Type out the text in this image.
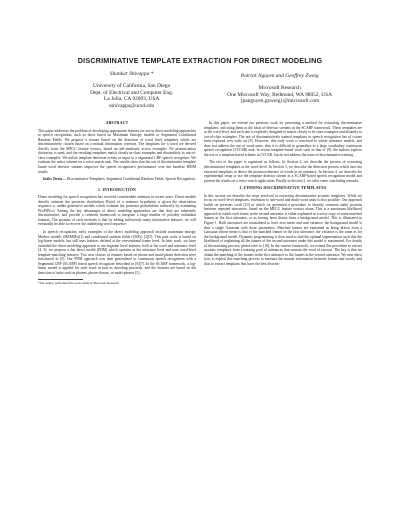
DISCRIMINATIVE TEMPLATE EXTRACTION FOR DIRECT MODELING
Shankar Shivappa *
University of California, San Diego
Dept. of Electrical and Computer Eng.
La Jolla, CA 92093, USA
sshivappa@ucsd.edu
Patrick Nguyen and Geoffrey Zweig
Microsoft Research
One Microsoft Way, Redmond, WA 98052, USA
{panguyen,gzweig}@microsoft.com
ABSTRACT

This paper addresses the problem of developing appropriate features for use in direct modeling approaches to speech recognition, such as those based on Maximum Entropy models or Segmental Conditional Random Fields. We propose a feature based on the detection of word level templates which are discriminatively chosen based on a mutual information criterion. The templates for a word are derived directly from the MFCC feature vectors, based on self-similarity across examples. No pronunciation dictionary is used, and the resulting templates match closely in-class examples and dissimilarly to out-of-class examples. We utilize template detection events as input to a segmental CRF speech recognizer. We evaluate the entire scheme on a voice search task. The results show that the use of discriminative template based word detector streams improves the speech recognizer's performance over the baseline HMM results.

Index Terms— Discriminative Templates, Segmental Conditional Random Fields, Speech Recognition

1. INTRODUCTION

Direct modeling for speech recognition has received considerable attention in recent years. Direct models directly estimate the posterior distribution P(w|o) of a sentence hypothesis w given the observation sequence o, unlike generative models which estimate the posterior probabilities indirectly by estimating P(o|P)P(w). Among the key advantages of direct modeling approaches are that they are inherently discriminative, and provide a coherent framework to integrate a large number of possibly redundant features. The promise of such methods is that by adding sufficiently many informative features, we will eventually be able to recover the underlying word sequence.

In speech recognition, early examples of the direct modeling approach include maximum entropy Markov models (MEMMs)[1] and conditional random fields (CRFs) [2][3]. This past work is based on log-linear models, but still uses features defined at the conventional frame level. In later work, we have extended the direct modeling approach to use segment level features, both at the word and utterance level [4, 5]; we propose a flat direct model (FDM) which operates at the utterance level and uses word-level template-matching features. Two new classes of features based on phone and multi-phone detection were introduced in [5]. Our FDM approach was then generalized to continuous speech recognition with a Segmental CRF (SCARF) based speech recognizer described in [6][7]. In the SCARF framework, a log-linear model is applied for each word in turn as decoding proceeds, and the features are based on the detection of units such as phones, phone-classes, or multi-phones [5].

*The author performed the work while at Microsoft Research

In this paper, we extend our previous work by presenting a method for extracting discriminative templates, and using them as the basis of detector streams in the SCARF framework. These templates are at the word level, and each one is explicitly designed to match closely to in-class examples and distantly to out-of-class examples. The use of discriminatively trained templates in speech recognition has of course been explored very early on [8]. However, this early work is restricted to whole utterance models, and does not address the use of word units; thus it is difficult to generalize to a large vocabulary continuous speech recognition (LVCSR) task. In recent template-based work such as that of [9], the authors explore the use of a template based scheme in LVCSR, but do not address the issue of discriminative training.

The rest of the paper is organized as follows. In Section 2, we describe the process of extracting discriminative templates at the word level. In Section 3, we describe the detection process which uses the extracted templates to detect the presence/absence of words in an utterance. In Section 4, we describe the experimental setup to use the template detector stream in a SCARF-based speech recognition model and present the results on a voice search application. Finally in Section 5, we offer some concluding remarks.

2. FINDING DISCRIMINATIVE TEMPLATES

In this section we describe the steps involved in extracting discriminative acoustic templates. While we focus on word-level templates, extension to sub-word and multi-word units is also possible. Our approach builds on previous work [10] in which we presented a procedure to identify common audio portions between repeated utterances, based on the MFCC feature vectors alone. This is a maximum likelihood approach in which each frame in the second utterance is either explained as a noisy copy of some matched frames in the first utterance, or as having been drawn from a background model. This is illustrated in Figure 1. Both utterances are normalized to have zero mean and unit variance; the background model is thus a single Gaussian with those parameters. Matched frames are explained as being drawn from a Gaussian whose mean is that of the matched frames in the first utterance; the variance is the same as for the background model. Dynamic programming is then used to find the optimal segmentation such that the likelihood of explaining all the frames of the second utterance under this model is maximized. For details of the matching process, please refer to [10]. In the current framework, we extend this procedure to extract acoustic templates from a training pool of utterances that contain the word of interest. The key is that we obtain the matching of the frames in the first utterance to the frames in the second utterance. We next show how to exploit this matching process to measure the mutual information between frames and words, and thus to extract templates that have the best discrim-
